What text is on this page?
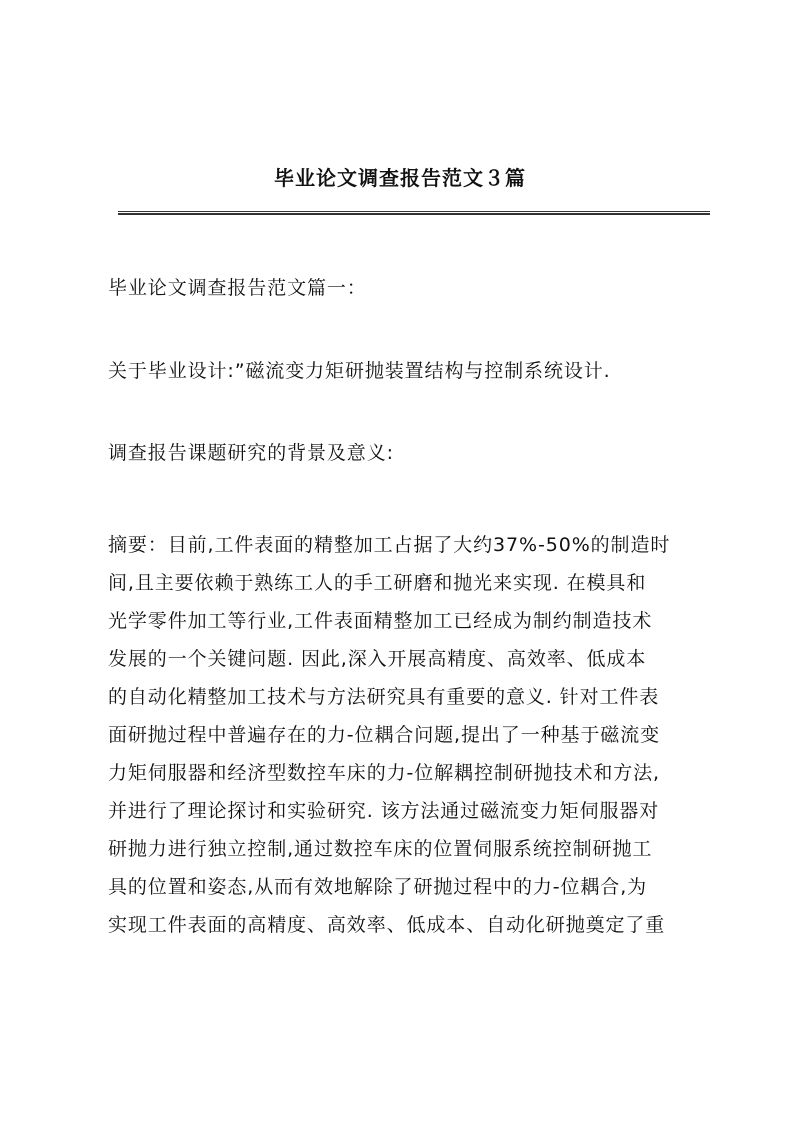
毕业论文调查报告范文３篇
毕业论文调查报告范文篇一：
关于毕业设计:”磁流变力矩研抛装置结构与控制系统设计.
调查报告课题研究的背景及意义:
摘要：目前,工件表面的精整加工占据了大约37%-50%的制造时
间,且主要依赖于熟练工人的手工研磨和抛光来实现. 在模具和
光学零件加工等行业,工件表面精整加工已经成为制约制造技术
发展的一个关键问题. 因此,深入开展高精度、高效率、低成本
的自动化精整加工技术与方法研究具有重要的意义. 针对工件表
面研抛过程中普遍存在的力-位耦合问题,提出了一种基于磁流变
力矩伺服器和经济型数控车床的力-位解耦控制研抛技术和方法,
并进行了理论探讨和实验研究. 该方法通过磁流变力矩伺服器对
研抛力进行独立控制,通过数控车床的位置伺服系统控制研抛工
具的位置和姿态,从而有效地解除了研抛过程中的力-位耦合,为
实现工件表面的高精度、高效率、低成本、自动化研抛奠定了重
